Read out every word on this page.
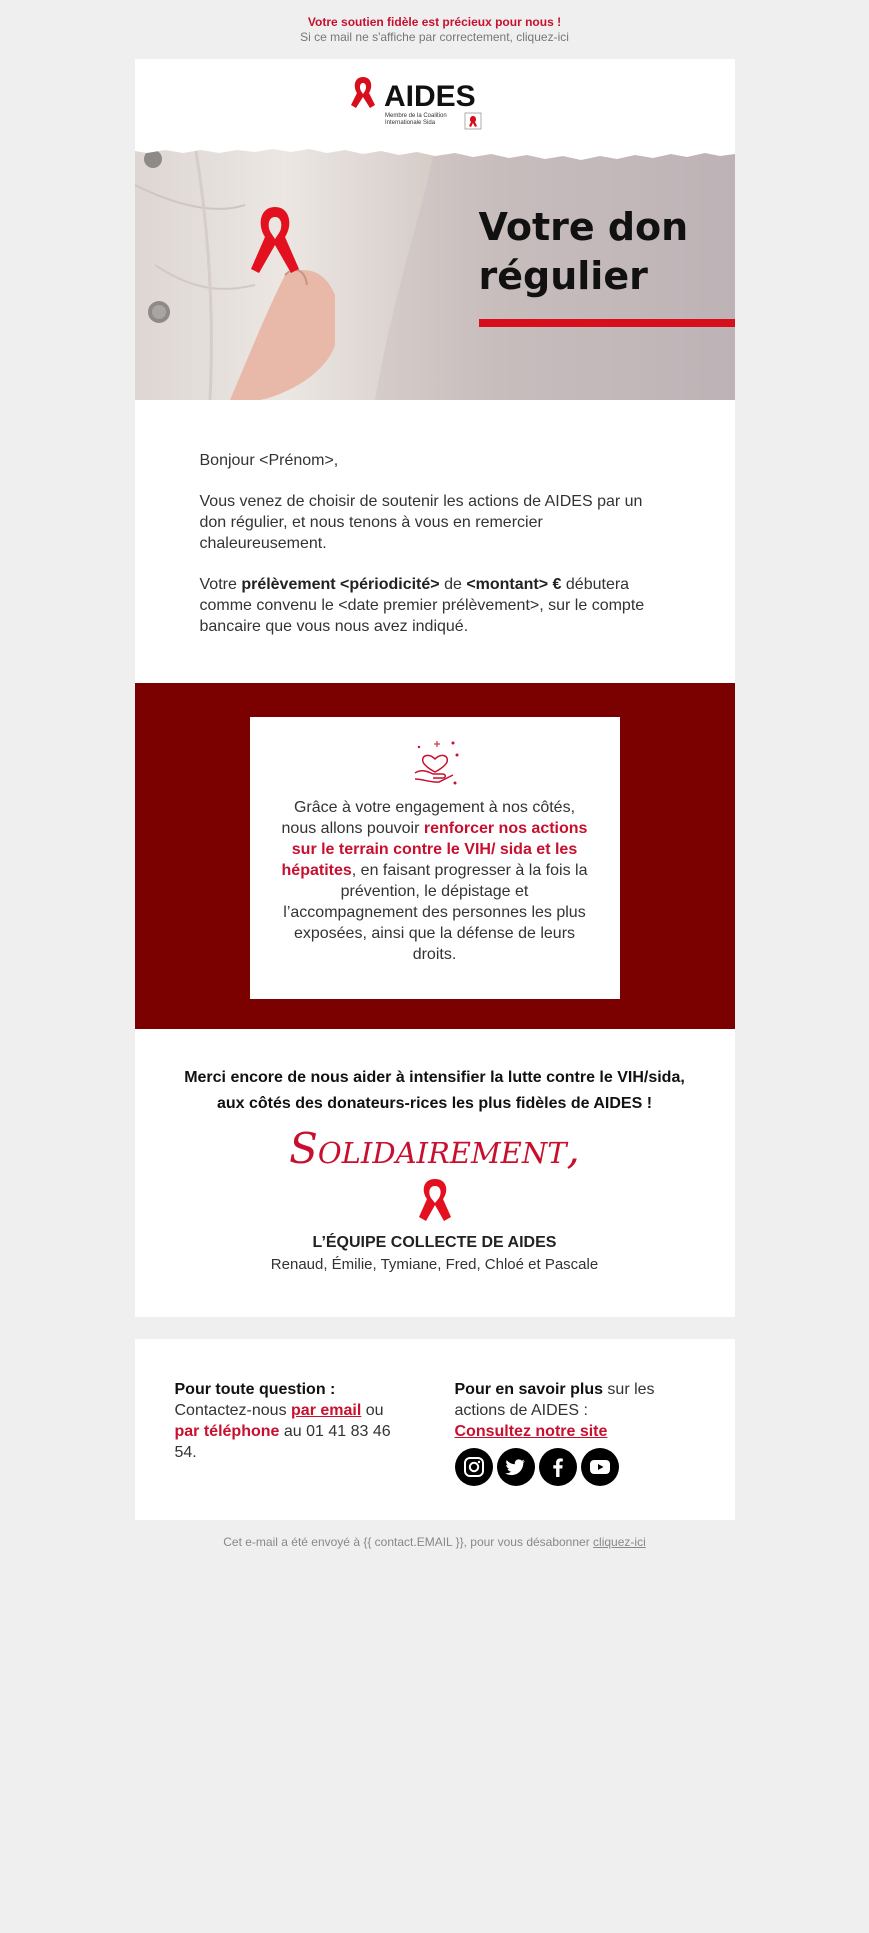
Votre soutien fidèle est précieux pour nous !
Si ce mail ne s'affiche par correctement, cliquez-ici
AIDES
Membre de la Coalition
Internationale Sida
Votre don
régulier

Bonjour <Prénom>,

Vous venez de choisir de soutenir les actions de AIDES par un don régulier, et nous tenons à vous en remercier chaleureusement.

Votre prélèvement <périodicité> de <montant> € débutera comme convenu le <date premier prélèvement>, sur le compte bancaire que vous nous avez indiqué.

Grâce à votre engagement à nos côtés, nous allons pouvoir renforcer nos actions sur le terrain contre le VIH/ sida et les hépatites, en faisant progresser à la fois la prévention, le dépistage et l’accompagnement des personnes les plus exposées, ainsi que la défense de leurs droits.

Merci encore de nous aider à intensifier la lutte contre le VIH/sida,

aux côtés des donateurs-rices les plus fidèles de AIDES !

Solidairement,

L’ÉQUIPE COLLECTE DE AIDES

Renaud, Émilie, Tymiane, Fred, Chloé et Pascale

Pour toute question :
Contactez-nous par email ou
par téléphone au 01 41 83 46 54.
Pour en savoir plus sur les actions de AIDES :
Consultez notre site
Cet e-mail a été envoyé à {{ contact.EMAIL }}, pour vous désabonner cliquez-ici
